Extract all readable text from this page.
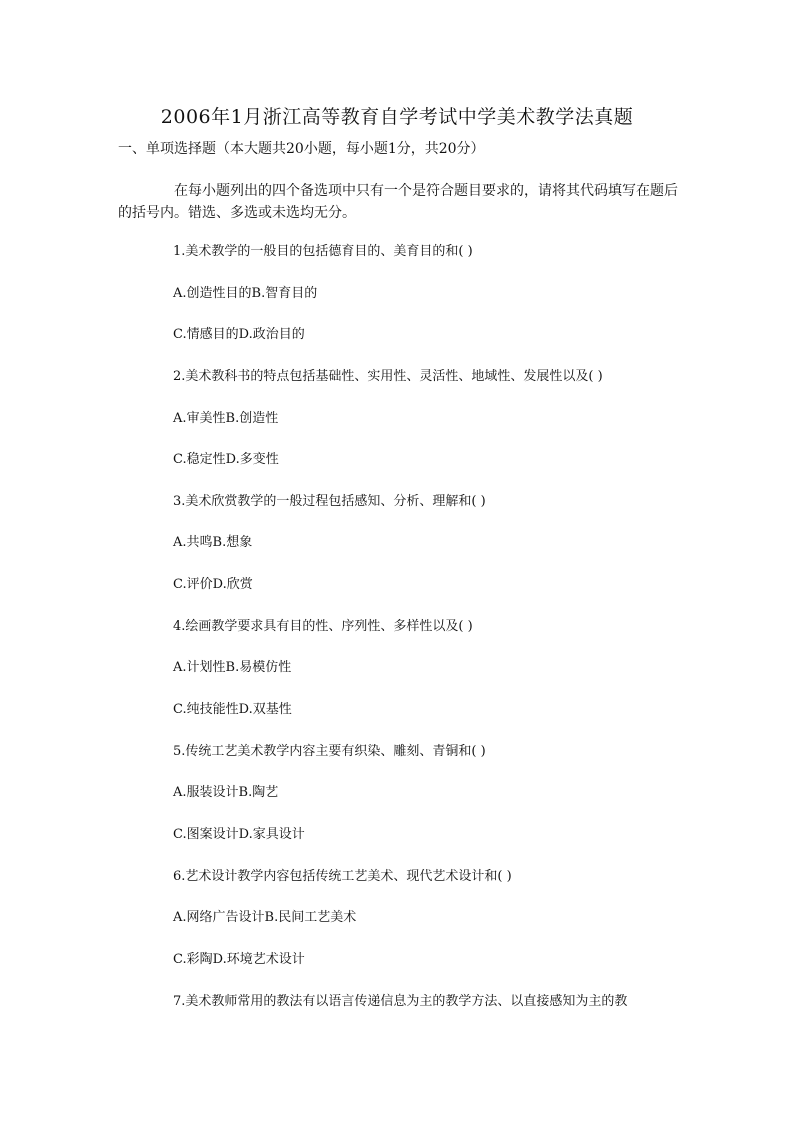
2006年1月浙江高等教育自学考试中学美术教学法真题
一、单项选择题（本大题共20小题，每小题1分，共20分）
在每小题列出的四个备选项中只有一个是符合题目要求的，请将其代码填写在题后的括号内。错选、多选或未选均无分。
1.美术教学的一般目的包括德育目的、美育目的和( )
A.创造性目的B.智育目的
C.情感目的D.政治目的
2.美术教科书的特点包括基础性、实用性、灵活性、地域性、发展性以及( )
A.审美性B.创造性
C.稳定性D.多变性
3.美术欣赏教学的一般过程包括感知、分析、理解和( )
A.共鸣B.想象
C.评价D.欣赏
4.绘画教学要求具有目的性、序列性、多样性以及( )
A.计划性B.易模仿性
C.纯技能性D.双基性
5.传统工艺美术教学内容主要有织染、雕刻、青铜和( )
A.服装设计B.陶艺
C.图案设计D.家具设计
6.艺术设计教学内容包括传统工艺美术、现代艺术设计和( )
A.网络广告设计B.民间工艺美术
C.彩陶D.环境艺术设计
7.美术教师常用的教法有以语言传递信息为主的教学方法、以直接感知为主的教
